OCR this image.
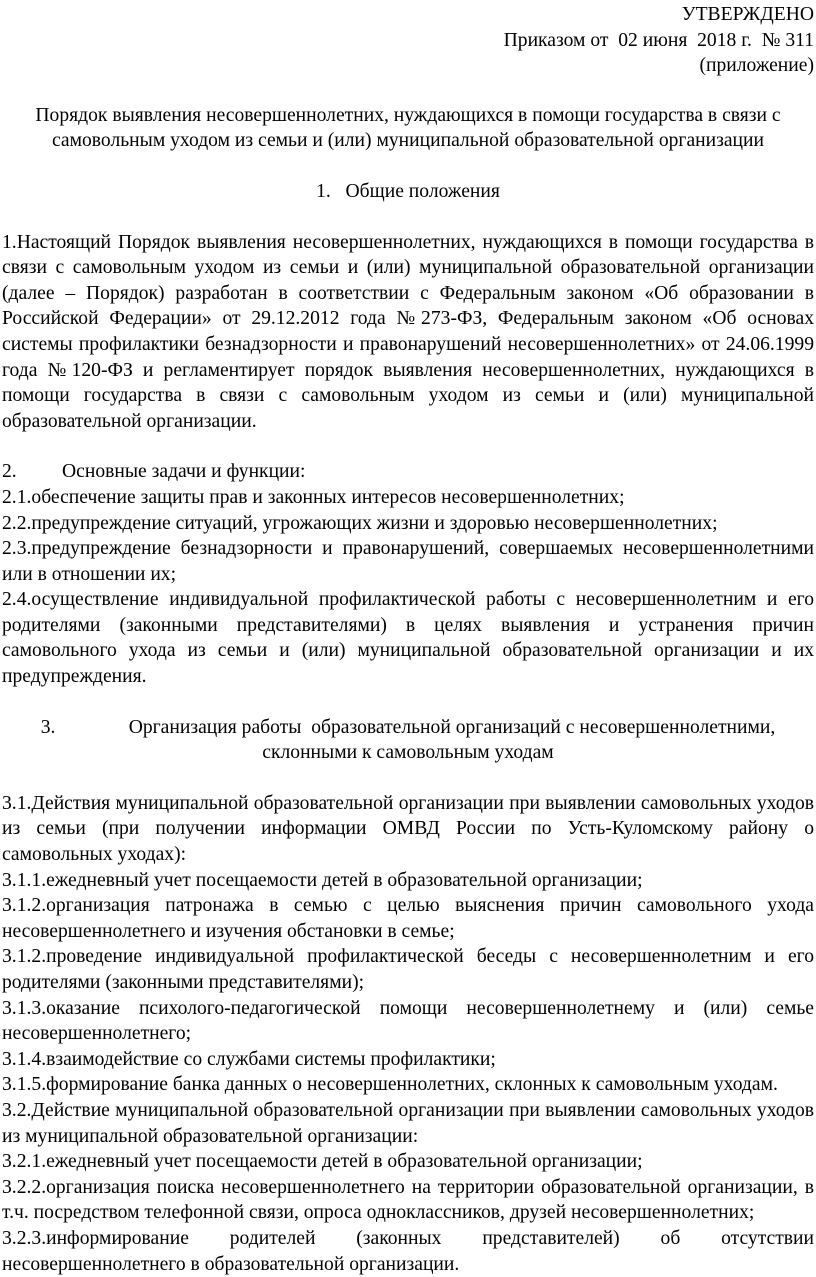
УТВЕРЖДЕНО
Приказом от  02 июня  2018 г.  № 311
(приложение)
Порядок выявления несовершеннолетних, нуждающихся в помощи государства в связи с
самовольным уходом из семьи и (или) муниципальной образовательной организации
1.   Общие положения

1.Настоящий Порядок выявления несовершеннолетних, нуждающихся в помощи государства в связи с самовольным уходом из семьи и (или) муниципальной образовательной организации (далее – Порядок) разработан в соответствии с Федеральным законом «Об образовании в Российской Федерации» от 29.12.2012 года №273-ФЗ, Федеральным законом «Об основах системы профилактики безнадзорности и правонарушений несовершеннолетних» от 24.06.1999 года №120-ФЗ и регламентирует порядок выявления несовершеннолетних, нуждающихся в помощи государства в связи с самовольным уходом из семьи и (или) муниципальной образовательной организации.

2. Основные задачи и функции:

2.1.обеспечение защиты прав и законных интересов несовершеннолетних;

2.2.предупреждение ситуаций, угрожающих жизни и здоровью несовершеннолетних;

2.3.предупреждение безнадзорности и правонарушений, совершаемых несовершеннолетними или в отношении их;

2.4.осуществление индивидуальной профилактической работы с несовершеннолетним и его родителями (законными представителями) в целях выявления и устранения причин самовольного ухода из семьи и (или) муниципальной образовательной организации и их предупреждения.

3.	Организация работы  образовательной организаций с несовершеннолетними,
склонными к самовольным уходам

3.1.Действия муниципальной образовательной организации при выявлении самовольных уходов из семьи (при получении информации ОМВД России по Усть-Куломскому району о самовольных уходах):

3.1.1.ежедневный учет посещаемости детей в образовательной организации;

3.1.2.организация патронажа в семью с целью выяснения причин самовольного ухода несовершеннолетнего и изучения обстановки в семье;

3.1.2.проведение индивидуальной профилактической беседы с несовершеннолетним и его родителями (законными представителями);

3.1.3.оказание психолого-педагогической помощи несовершеннолетнему и (или) семье несовершеннолетнего;

3.1.4.взаимодействие со службами системы профилактики;

3.1.5.формирование банка данных о несовершеннолетних, склонных к самовольным уходам.

3.2.Действие муниципальной образовательной организации при выявлении самовольных уходов из муниципальной образовательной организации:

3.2.1.ежедневный учет посещаемости детей в образовательной организации;

3.2.2.организация поиска несовершеннолетнего на территории образовательной организации, в т.ч. посредством телефонной связи, опроса одноклассников, друзей несовершеннолетних;

3.2.3.информирование родителей (законных представителей) об отсутствии несовершеннолетнего в образовательной организации.
